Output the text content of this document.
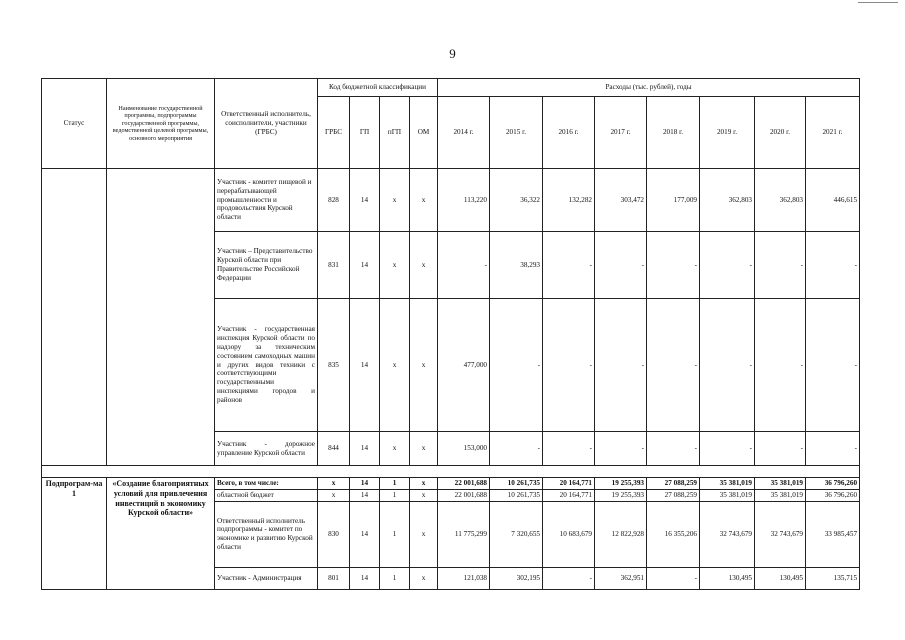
9
Статус	Наименование государственной программы, подпрограммы государственной программы, ведомственной целевой программы, основного мероприятия	Ответственный исполнитель, соисполнители, участники (ГРБС)	Код бюджетной классификации				Расходы (тыс. рублей), годы							
			ГРБС	ГП	пГП	ОМ	2014 г.	2015 г.	2016 г.	2017 г.	2018 г.	2019 г.	2020 г.	2021 г.
		Участник - комитет пищевой и перерабатывающей промышленности и продовольствия Курской области	828	14	х	х	113,220	36,322	132,282	303,472	177,009	362,803	362,803	446,615
		Участник – Представительство Курской области при Правительстве Российской Федерации	831	14	х	х	-	38,293	-	-	-	-	-	-
		Участник - государственная инспекция Курской области по надзору за техническим состоянием самоходных машин и других видов техники с соответствующими государственными инспекциями городов и районов	835	14	х	х	477,000	-	-	-	-	-	-	-
		Участник - дорожное управление Курской области	844	14	х	х	153,000	-	-	-	-	-	-	-

Подпрограм-ма 1	«Создание благоприятных условий для привлечения инвестиций в экономику Курской области»	Всего, в том числе:	х	14	1	х	22 001,688	10 261,735	20 164,771	19 255,393	27 088,259	35 381,019	35 381,019	36 796,260
		областной бюджет	х	14	1	х	22 001,688	10 261,735	20 164,771	19 255,393	27 088,259	35 381,019	35 381,019	36 796,260
		Ответственный исполнитель подпрограммы - комитет по экономике и развитию Курской области	830	14	1	х	11 775,299	7 320,655	10 683,679	12 822,928	16 355,206	32 743,679	32 743,679	33 985,457
		Участник - Администрация	801	14	1	х	121,038	302,195	-	362,951	-	130,495	130,495	135,715
